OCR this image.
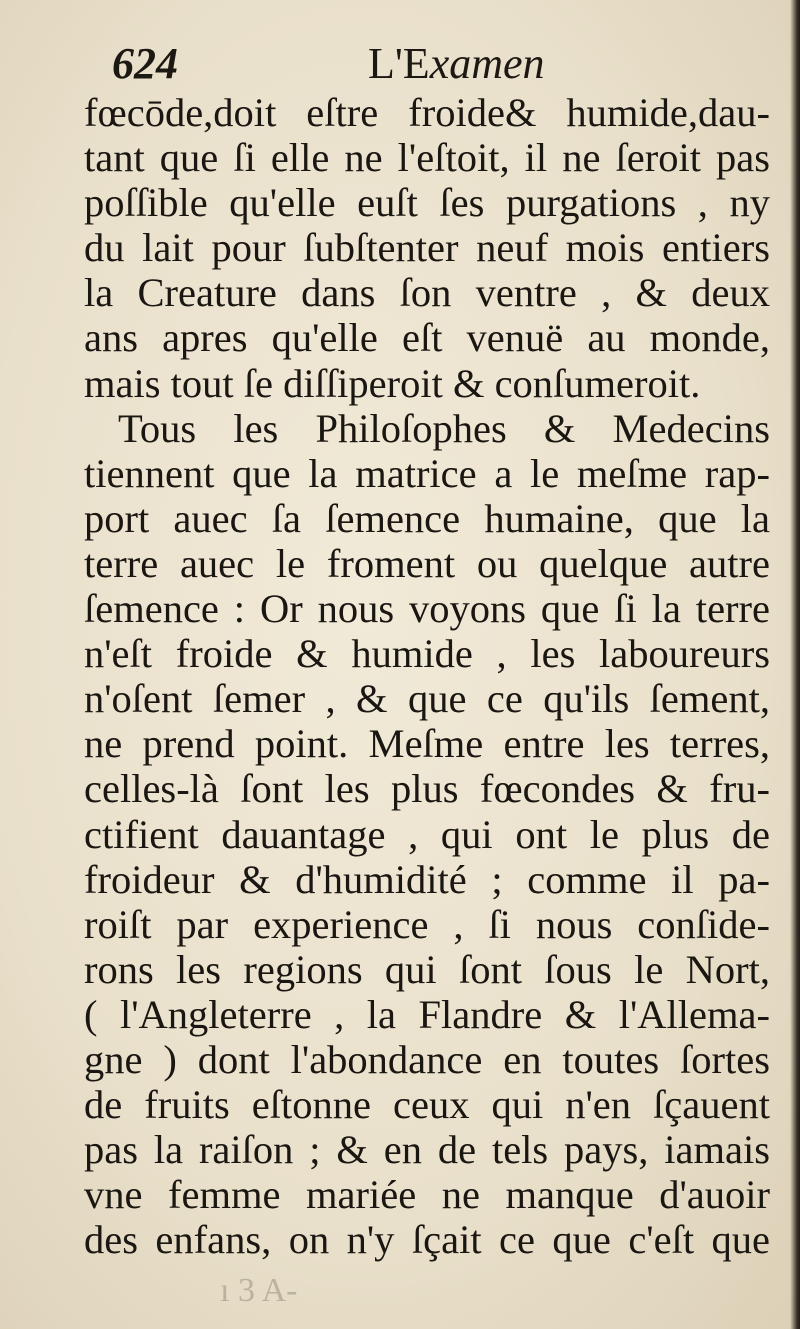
624	L'Examen
fœcōde,doit eſtre froide& humide,dau-
tant que ſi elle ne l'eſtoit, il ne ſeroit pas
poſſible qu'elle euſt ſes purgations , ny
du lait pour ſubſtenter neuf mois entiers
la Creature dans ſon ventre , & deux
ans apres qu'elle eſt venuë au monde,
mais tout ſe diſſiperoit & conſumeroit.
Tous les Philoſophes & Medecins
tiennent que la matrice a le meſme rap-
port auec ſa ſemence humaine, que la
terre auec le froment ou quelque autre
ſemence : Or nous voyons que ſi la terre
n'eſt froide & humide , les laboureurs
n'oſent ſemer , & que ce qu'ils ſement,
ne prend point. Meſme entre les terres,
celles-là ſont les plus fœcondes & fru-
ctifient dauantage , qui ont le plus de
froideur & d'humidité ; comme il pa-
roiſt par experience , ſi nous conſide-
rons les regions qui ſont ſous le Nort,
( l'Angleterre , la Flandre & l'Allema-
gne ) dont l'abondance en toutes ſortes
de fruits eſtonne ceux qui n'en ſçauent
pas la raiſon ; & en de tels pays, iamais
vne femme mariée ne manque d'auoir
des enfans, on n'y ſçait ce que c'eſt que
ı 3 A-
